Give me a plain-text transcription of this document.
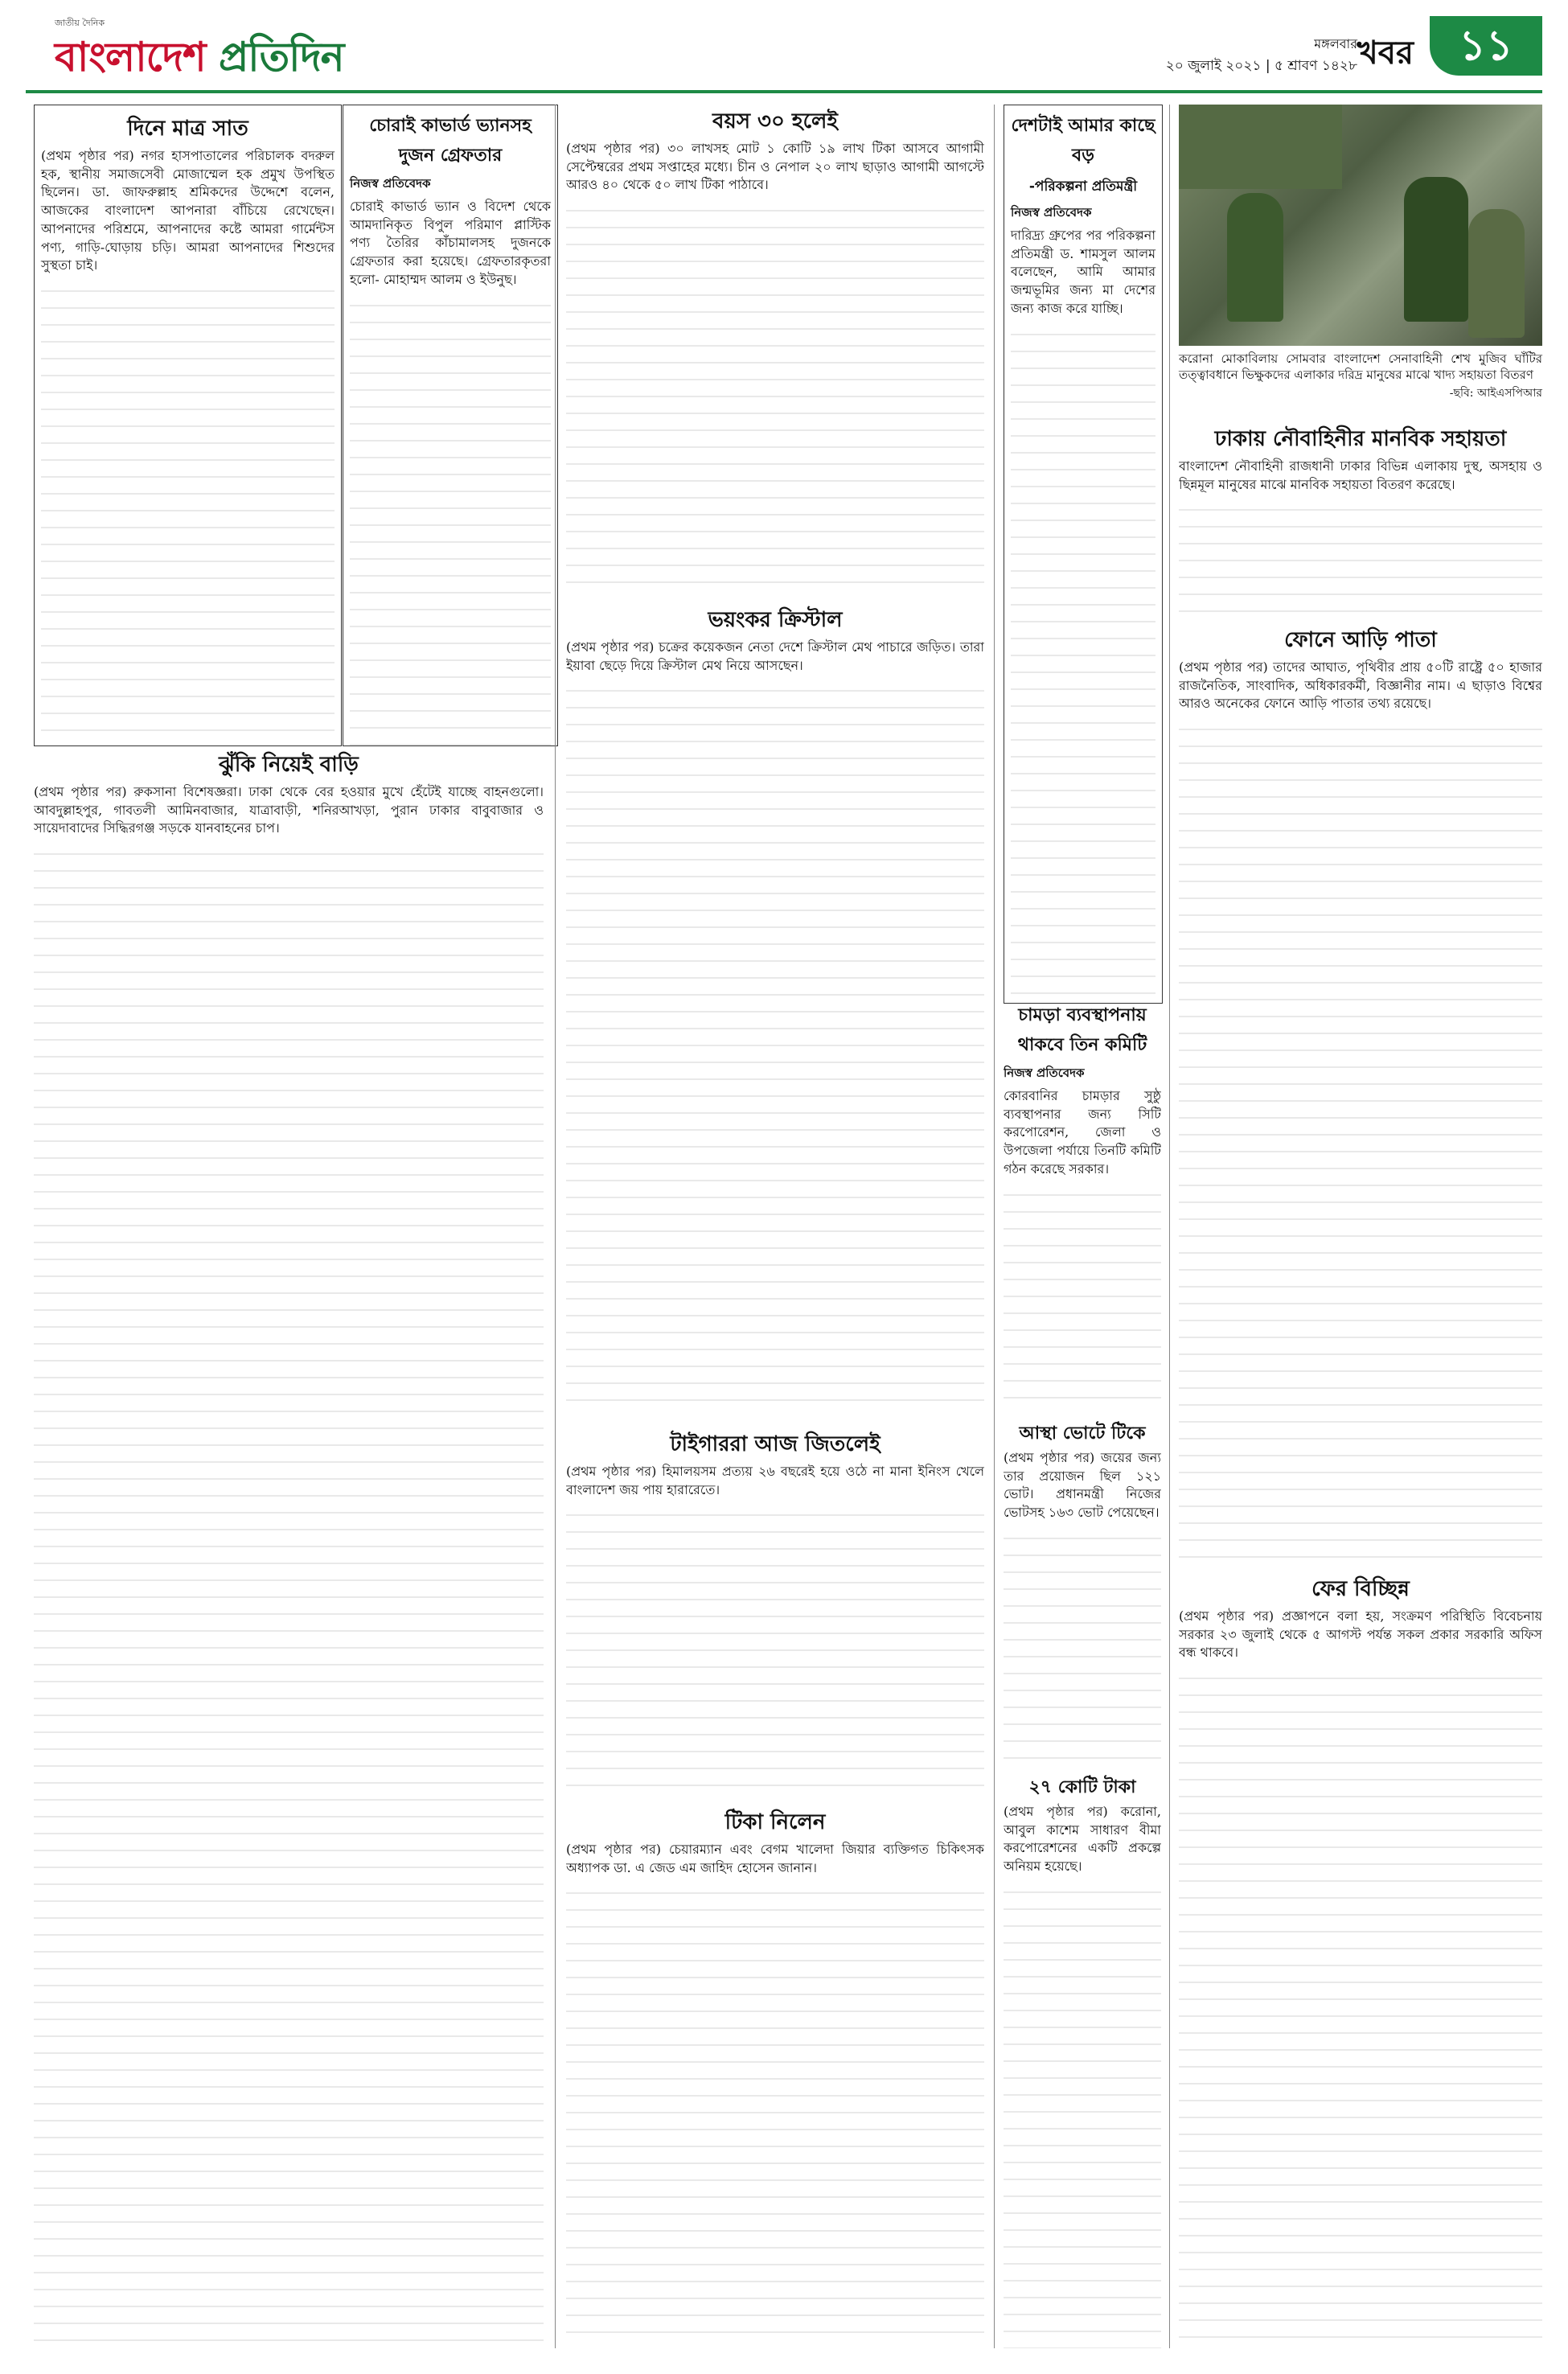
জাতীয় দৈনিক
বাংলাদেশ প্রতিদিন	মঙ্গলবার
২০ জুলাই ২০২১ | ৫ শ্রাবণ ১৪২৮ খবর	১১
দিনে মাত্র সাত

(প্রথম পৃষ্ঠার পর) নগর হাসপাতালের পরিচালক বদরুল হক, স্থানীয় সমাজসেবী মোজাম্মেল হক প্রমুখ উপস্থিত ছিলেন। ডা. জাফরুল্লাহ শ্রমিকদের উদ্দেশে বলেন, আজকের বাংলাদেশ আপনারা বাঁচিয়ে রেখেছেন। আপনাদের পরিশ্রমে, আপনাদের কষ্টে আমরা গার্মেন্টস পণ্য, গাড়ি-ঘোড়ায় চড়ি। আমরা আপনাদের শিশুদের সুস্থতা চাই।

চোরাই কাভার্ড ভ্যানসহ দুজন গ্রেফতার
নিজস্ব প্রতিবেদক

চোরাই কাভার্ড ভ্যান ও বিদেশ থেকে আমদানিকৃত বিপুল পরিমাণ প্লাস্টিক পণ্য তৈরির কাঁচামালসহ দুজনকে গ্রেফতার করা হয়েছে। গ্রেফতারকৃতরা হলো- মোহাম্মদ আলম ও ইউনুছ।

ঝুঁকি নিয়েই বাড়ি

(প্রথম পৃষ্ঠার পর) রুকসানা বিশেষজ্ঞরা। ঢাকা থেকে বের হওয়ার মুখে হেঁটেই যাচ্ছে বাহনগুলো। আবদুল্লাহপুর, গাবতলী আমিনবাজার, যাত্রাবাড়ী, শনিরআখড়া, পুরান ঢাকার বাবুবাজার ও সায়েদাবাদের সিদ্ধিরগঞ্জ সড়কে যানবাহনের চাপ।

বয়স ৩০ হলেই

(প্রথম পৃষ্ঠার পর) ৩০ লাখসহ মোট ১ কোটি ১৯ লাখ টিকা আসবে আগামী সেপ্টেম্বরের প্রথম সপ্তাহের মধ্যে। চীন ও নেপাল ২০ লাখ ছাড়াও আগামী আগস্টে আরও ৪০ থেকে ৫০ লাখ টিকা পাঠাবে।

ভয়ংকর ক্রিস্টাল

(প্রথম পৃষ্ঠার পর) চক্রের কয়েকজন নেতা দেশে ক্রিস্টাল মেথ পাচারে জড়িত। তারা ইয়াবা ছেড়ে দিয়ে ক্রিস্টাল মেথ নিয়ে আসছেন।

টাইগাররা আজ জিতলেই

(প্রথম পৃষ্ঠার পর) হিমালয়সম প্রত্যয় ২৬ বছরেই হয়ে ওঠে না মানা ইনিংস খেলে বাংলাদেশ জয় পায় হারারেতে।

টিকা নিলেন

(প্রথম পৃষ্ঠার পর) চেয়ারম্যান এবং বেগম খালেদা জিয়ার ব্যক্তিগত চিকিৎসক অধ্যাপক ডা. এ জেড এম জাহিদ হোসেন জানান।

দেশটাই আমার কাছে বড়
-পরিকল্পনা প্রতিমন্ত্রী
নিজস্ব প্রতিবেদক

দারিদ্র্য গ্রুপের পর পরিকল্পনা প্রতিমন্ত্রী ড. শামসুল আলম বলেছেন, আমি আমার জন্মভূমির জন্য মা দেশের জন্য কাজ করে যাচ্ছি।

চামড়া ব্যবস্থাপনায় থাকবে তিন কমিটি
নিজস্ব প্রতিবেদক

কোরবানির চামড়ার সুষ্ঠু ব্যবস্থাপনার জন্য সিটি করপোরেশন, জেলা ও উপজেলা পর্যায়ে তিনটি কমিটি গঠন করেছে সরকার।

আস্থা ভোটে টিকে

(প্রথম পৃষ্ঠার পর) জয়ের জন্য তার প্রয়োজন ছিল ১২১ ভোট। প্রধানমন্ত্রী নিজের ভোটসহ ১৬৩ ভোট পেয়েছেন।

২৭ কোটি টাকা

(প্রথম পৃষ্ঠার পর) করোনা, আবুল কাশেম সাধারণ বীমা করপোরেশনের একটি প্রকল্পে অনিয়ম হয়েছে।

করোনা মোকাবিলায় সোমবার বাংলাদেশ সেনাবাহিনী শেখ মুজিব ঘাঁটির তত্ত্বাবধানে ভিক্ষুকদের এলাকার দরিদ্র মানুষের মাঝে খাদ্য সহায়তা বিতরণ

-ছবি: আইএসপিআর
ঢাকায় নৌবাহিনীর মানবিক সহায়তা

বাংলাদেশ নৌবাহিনী রাজধানী ঢাকার বিভিন্ন এলাকায় দুস্থ, অসহায় ও ছিন্নমূল মানুষের মাঝে মানবিক সহায়তা বিতরণ করেছে।

ফোনে আড়ি পাতা

(প্রথম পৃষ্ঠার পর) তাদের আঘাত, পৃথিবীর প্রায় ৫০টি রাষ্ট্রে ৫০ হাজার রাজনৈতিক, সাংবাদিক, অধিকারকর্মী, বিজ্ঞানীর নাম। এ ছাড়াও বিশ্বের আরও অনেকের ফোনে আড়ি পাতার তথ্য রয়েছে।

ফের বিচ্ছিন্ন

(প্রথম পৃষ্ঠার পর) প্রজ্ঞাপনে বলা হয়, সংক্রমণ পরিস্থিতি বিবেচনায় সরকার ২৩ জুলাই থেকে ৫ আগস্ট পর্যন্ত সকল প্রকার সরকারি অফিস বন্ধ থাকবে।
